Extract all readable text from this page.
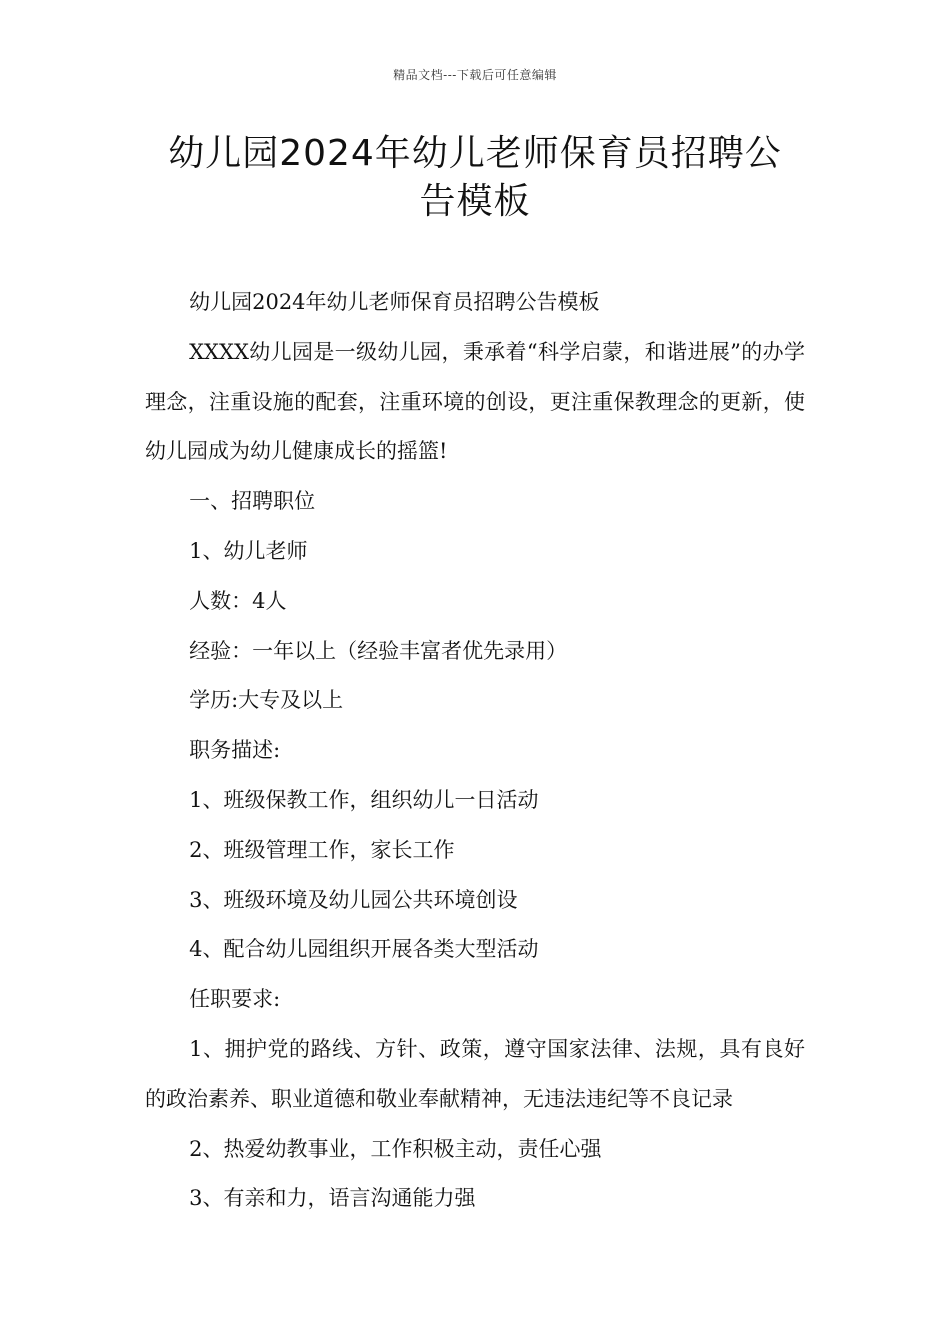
精品文档---下载后可任意编辑
幼儿园2024年幼儿老师保育员招聘公告模板

幼儿园2024年幼儿老师保育员招聘公告模板

XXXX幼儿园是一级幼儿园，秉承着“科学启蒙，和谐进展”的办学理念，注重设施的配套，注重环境的创设，更注重保教理念的更新，使幼儿园成为幼儿健康成长的摇篮!

一、招聘职位

1、幼儿老师

人数：4人

经验：一年以上（经验丰富者优先录用）

学历:大专及以上

职务描述:

1、班级保教工作，组织幼儿一日活动

2、班级管理工作，家长工作

3、班级环境及幼儿园公共环境创设

4、配合幼儿园组织开展各类大型活动

任职要求:

1、拥护党的路线、方针、政策，遵守国家法律、法规，具有良好的政治素养、职业道德和敬业奉献精神，无违法违纪等不良记录

2、热爱幼教事业，工作积极主动，责任心强

3、有亲和力，语言沟通能力强
